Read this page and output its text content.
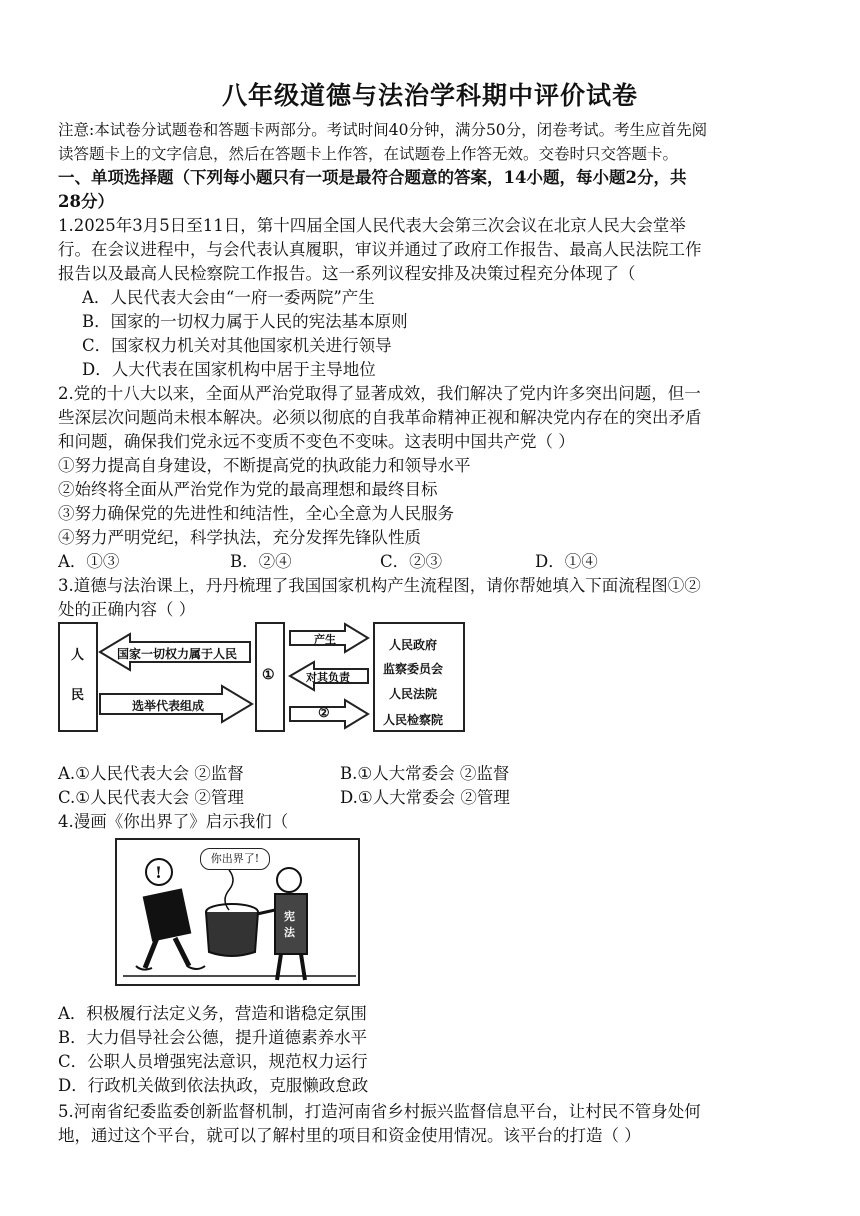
八年级道德与法治学科期中评价试卷
注意:本试卷分试题卷和答题卡两部分。考试时间40分钟，满分50分，闭卷考试。考生应首先阅
读答题卡上的文字信息，然后在答题卡上作答，在试题卷上作答无效。交卷时只交答题卡。
一、单项选择题（下列每小题只有一项是最符合题意的答案，14小题，每小题2分，共
28分）
1.2025年3月5日至11日，第十四届全国人民代表大会第三次会议在北京人民大会堂举
行。在会议进程中，与会代表认真履职，审议并通过了政府工作报告、最高人民法院工作
报告以及最高人民检察院工作报告。这一系列议程安排及决策过程充分体现了（
A．人民代表大会由“一府一委两院”产生
B．国家的一切权力属于人民的宪法基本原则
C．国家权力机关对其他国家机关进行领导
D．人大代表在国家机构中居于主导地位
2.党的十八大以来，全面从严治党取得了显著成效，我们解决了党内许多突出问题，但一
些深层次问题尚未根本解决。必须以彻底的自我革命精神正视和解决党内存在的突出矛盾
和问题，确保我们党永远不变质不变色不变味。这表明中国共产党（ ）
①努力提高自身建设，不断提高党的执政能力和领导水平
②始终将全面从严治党作为党的最高理想和最终目标
③努力确保党的先进性和纯洁性，全心全意为人民服务
④努力严明党纪，科学执法，充分发挥先锋队性质
A．①③	B．②④	C．②③	D．①④
3.道德与法治课上，丹丹梳理了我国国家机构产生流程图，请你帮她填入下面流程图①②
处的正确内容（ ）
人
民
①
人民政府
监察委员会
人民法院
人民检察院
国家一切权力属于人民
选举代表组成
产生
对其负责
②
A.①人民代表大会 ②监督	B.①人大常委会 ②监督
C.①人民代表大会 ②管理	D.①人大常委会 ②管理
4.漫画《你出界了》启示我们（
!
宪
法
你出界了!
A．积极履行法定义务，营造和谐稳定氛围
B．大力倡导社会公德，提升道德素养水平
C．公职人员增强宪法意识，规范权力运行
D．行政机关做到依法执政，克服懒政怠政
5.河南省纪委监委创新监督机制，打造河南省乡村振兴监督信息平台，让村民不管身处何
地，通过这个平台，就可以了解村里的项目和资金使用情况。该平台的打造（ ）
